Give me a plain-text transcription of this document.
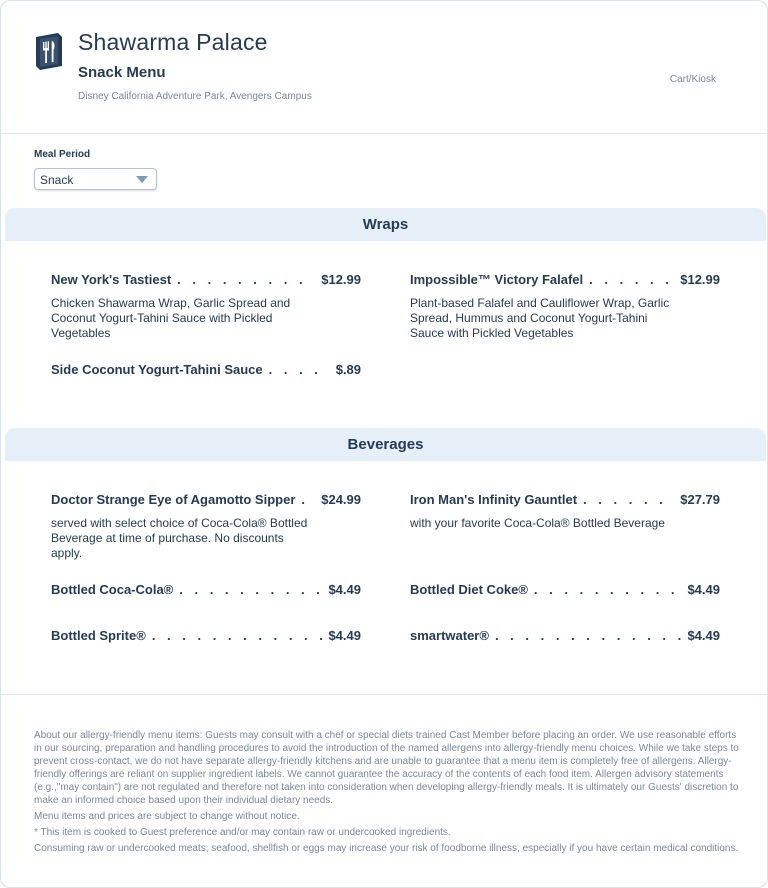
Shawarma Palace
Snack Menu
Disney California Adventure Park, Avengers Campus
Cart/Kiosk
Meal Period
Snack
Wraps
New York's Tastiest . . .	$12.99
Chicken Shawarma Wrap, Garlic Spread and Coconut Yogurt-Tahini Sauce with Pickled Vegetables
Impossible™ Victory Falafel . . .	$12.99
Plant-based Falafel and Cauliflower Wrap, Garlic Spread, Hummus and Coconut Yogurt-Tahini Sauce with Pickled Vegetables
Side Coconut Yogurt-Tahini Sauce . . .	$.89
Beverages
Doctor Strange Eye of Agamotto Sipper . . . $24.99
served with select choice of Coca-Cola® Bottled Beverage at time of purchase. No discounts apply.
Iron Man's Infinity Gauntlet . . .	$27.79
with your favorite Coca-Cola® Bottled Beverage
Bottled Coca-Cola® . . .	$4.49	Bottled Diet Coke® . . .	$4.49
Bottled Sprite® . . .	$4.49	smartwater® . . .	$4.49

About our allergy-friendly menu items: Guests may consult with a chef or special diets trained Cast Member before placing an order. We use reasonable efforts in our sourcing, preparation and handling procedures to avoid the introduction of the named allergens into allergy-friendly menu choices. While we take steps to prevent cross-contact, we do not have separate allergy-friendly kitchens and are unable to guarantee that a menu item is completely free of allergens. Allergy-friendly offerings are reliant on supplier ingredient labels. We cannot guarantee the accuracy of the contents of each food item. Allergen advisory statements (e.g.,"may contain") are not regulated and therefore not taken into consideration when developing allergy-friendly meals. It is ultimately our Guests' discretion to make an informed choice based upon their individual dietary needs.

Menu items and prices are subject to change without notice.

* This item is cooked to Guest preference and/or may contain raw or undercooked ingredients.

Consuming raw or undercooked meats, seafood, shellfish or eggs may increase your risk of foodborne illness, especially if you have certain medical conditions.
